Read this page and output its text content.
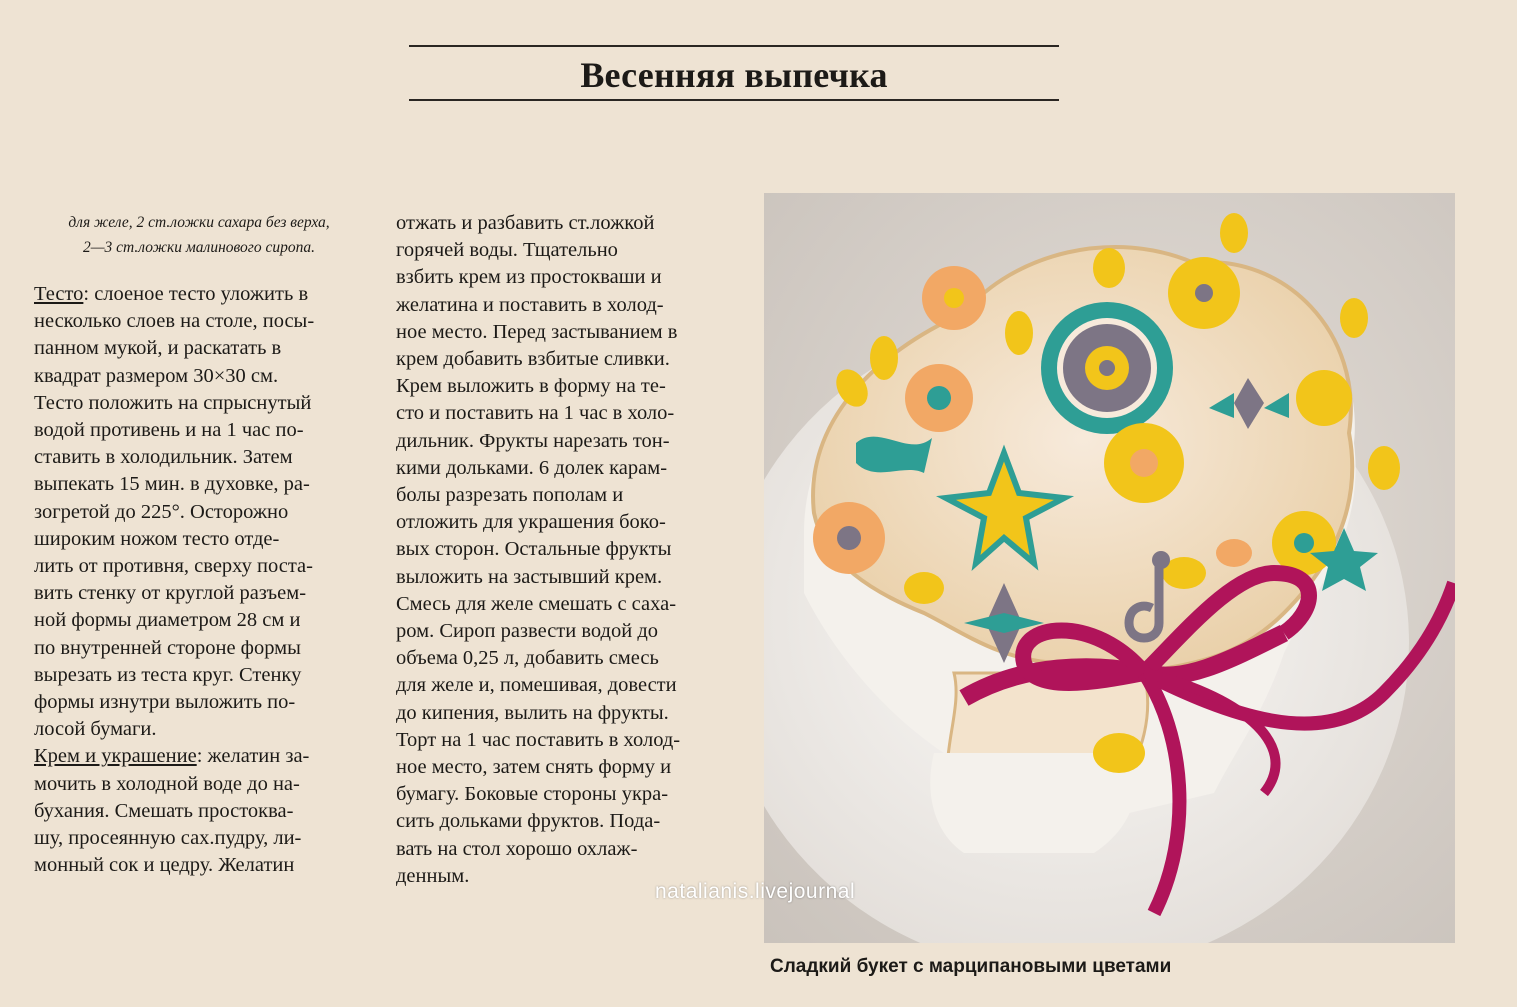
Весенняя выпечка
для желе, 2 ст.ложки сахара без верха,
2—3 ст.ложки малинового сиропа.
Тесто: слоеное тесто уложить в
несколько слоев на столе, посы-
панном мукой, и раскатать в
квадрат размером 30×30 см.
Тесто положить на спрыснутый
водой противень и на 1 час по-
ставить в холодильник. Затем
выпекать 15 мин. в духовке, ра-
зогретой до 225°. Осторожно
широким ножом тесто отде-
лить от противня, сверху поста-
вить стенку от круглой разъем-
ной формы диаметром 28 см и
по внутренней стороне формы
вырезать из теста круг. Стенку
формы изнутри выложить по-
лосой бумаги.
Крем и украшение: желатин за-
мочить в холодной воде до на-
бухания. Смешать простоква-
шу, просеянную сах.пудру, ли-
монный сок и цедру. Желатин
отжать и разбавить ст.ложкой
горячей воды. Тщательно
взбить крем из простокваши и
желатина и поставить в холод-
ное место. Перед застыванием в
крем добавить взбитые сливки.
Крем выложить в форму на те-
сто и поставить на 1 час в холо-
дильник. Фрукты нарезать тон-
кими дольками. 6 долек карам-
болы разрезать пополам и
отложить для украшения боко-
вых сторон. Остальные фрукты
выложить на застывший крем.
Смесь для желе смешать с саха-
ром. Сироп развести водой до
объема 0,25 л, добавить смесь
для желе и, помешивая, довести
до кипения, вылить на фрукты.
Торт на 1 час поставить в холод-
ное место, затем снять форму и
бумагу. Боковые стороны укра-
сить дольками фруктов. Пода-
вать на стол хорошо охлаж-
денным.
natalianis.livejournal
Сладкий букет с марципановыми цветами
